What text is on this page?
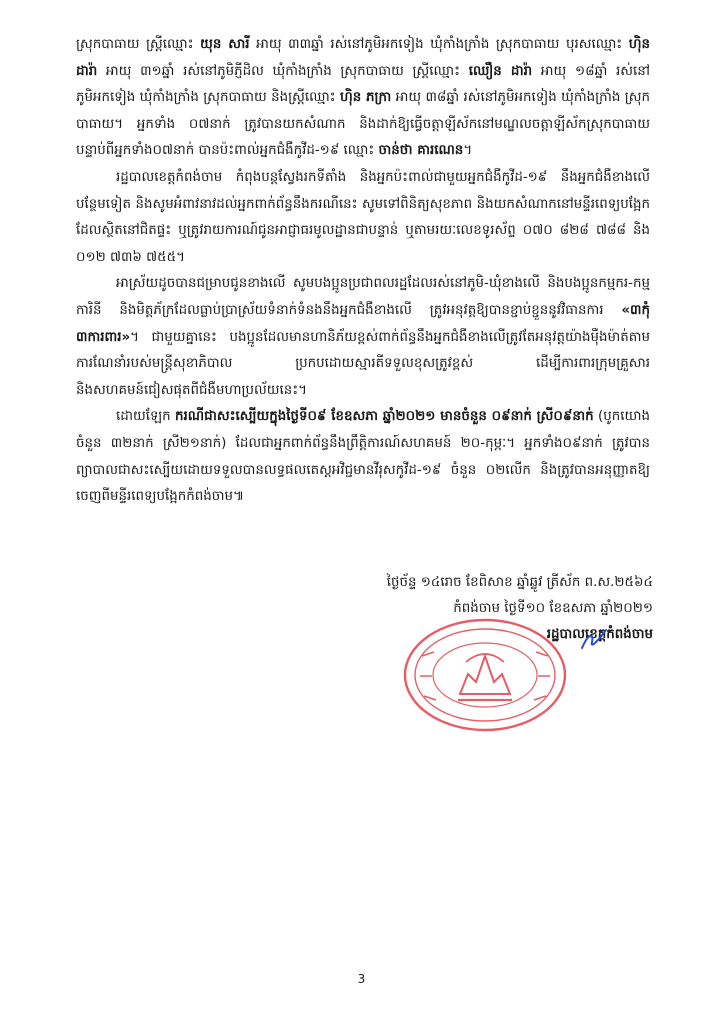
ស្រុកបាធាយ ស្ត្រីឈ្មោះ យុន សារី អាយុ ៣៣ឆ្នាំ រស់នៅភូមិអកទៀង ឃុំកាំងក្រាំង ស្រុកបាធាយ បុរសឈ្មោះ ហ៊ិន ដារ៉ា អាយុ ៣១ឆ្នាំ រស់នៅភូមិភ្ញីដិល ឃុំកាំងក្រាំង ស្រុកបាធាយ ស្ត្រីឈ្មោះ ឈឿន ដារ៉ា អាយុ ១៨ឆ្នាំ រស់នៅភូមិអកទៀង ឃុំកាំងក្រាំង ស្រុកបាធាយ និងស្ត្រីឈ្មោះ ហ៊ិន ភក្រា អាយុ ៣៨ឆ្នាំ រស់នៅភូមិអកទៀង ឃុំកាំងក្រាំង ស្រុកបាធាយ។ អ្នកទាំង ០៧នាក់ ត្រូវបានយកសំណាក និងដាក់ឱ្យធ្វើចត្តាឡីស័កនៅមណ្ឌលចត្តាឡីស័កស្រុកបាធាយ បន្ទាប់ពីអ្នកទាំង០៧នាក់ បានប៉ះពាល់អ្នកជំងឺកូវីដ-១៩ ឈ្មោះ ចាន់ថា គារណេន។

រដ្ឋបាលខេត្តកំពង់ចាម កំពុងបន្តស្វែងរកទីតាំង និងអ្នកប៉ះពាល់ជាមួយអ្នកជំងឺកូវីដ-១៩ នឹងអ្នកជំងឺខាងលើបន្ថែមទៀត និងសូមអំពាវនាវដល់អ្នកពាក់ព័ន្ធនឹងករណីនេះ សូមទៅពិនិត្យសុខភាព និងយកសំណាកនៅមន្ទីរពេទ្យបង្អែកដែលស្ថិតនៅជិតផ្ទះ ឬត្រូវរាយការណ៍ជូនអាជ្ញាធរមូលដ្ឋានជាបន្ទាន់ ឬតាមរយៈលេខទូរស័ព្ទ ០៧០ ៨២៨ ៧៨៨ និង ០១២ ៧៣៦ ៧៥៥។

អាស្រ័យដូចបានជម្រាបជូនខាងលើ សូមបងប្អូនប្រជាពលរដ្ឋដែលរស់នៅភូមិ-ឃុំខាងលើ និងបងប្អូនកម្មករ-កម្មការិនី និងមិត្តភ័ក្រដែលធ្លាប់ប្រាស្រ័យទំនាក់ទំនងនឹងអ្នកជំងឺខាងលើ ត្រូវអនុវត្តឱ្យបានខ្ជាប់ខ្ជួននូវវិធានការ «៣កុំ ៣ការពារ»។ ជាមួយគ្នានេះ បងប្អូនដែលមានហានិភ័យខ្ពស់ពាក់ព័ន្ធនឹងអ្នកជំងឺខាងលើត្រូវតែអនុវត្តយ៉ាងម៉ឺងម៉ាត់តាមការណែនាំរបស់មន្ត្រីសុខាភិបាល ប្រកបដោយស្មារតីទទួលខុសត្រូវខ្ពស់ ដើម្បីការពារក្រុមគ្រួសារ និងសហគមន៍ជៀសផុតពីជំងឺមហាប្រល័យនេះ។

ដោយឡែក ករណីជាសះស្បើយក្នុងថ្ងៃទី០៩ ខែឧសភា ឆ្នាំ២០២១ មានចំនួន ០៩នាក់ ស្រី០៩នាក់ (បូកយោង ចំនួន ៣២នាក់ ស្រី២១នាក់) ដែលជាអ្នកពាក់ព័ន្ធនឹងព្រឹត្តិការណ៍សហគមន៍ ២០-កុម្ភៈ។ អ្នកទាំង០៩នាក់ ត្រូវបានព្យាបាលជាសះស្បើយដោយទទួលបានលទ្ធផលតេស្តអវិជ្ជមានវីរុសកូវីដ-១៩ ចំនួន ០២លើក និងត្រូវបានអនុញ្ញាតឱ្យចេញពីមន្ទីរពេទ្យបង្អែកកំពង់ចាម៕

ថ្ងៃច័ន្ទ ១៤រោច ខែពិសាខ ឆ្នាំឆ្លូវ ត្រីស័ក ព.ស.២៥៦៤
កំពង់ចាម ថ្ងៃទី១០ ខែឧសភា ឆ្នាំ២០២១
រដ្ឋបាលខេត្តកំពង់ចាម
3
